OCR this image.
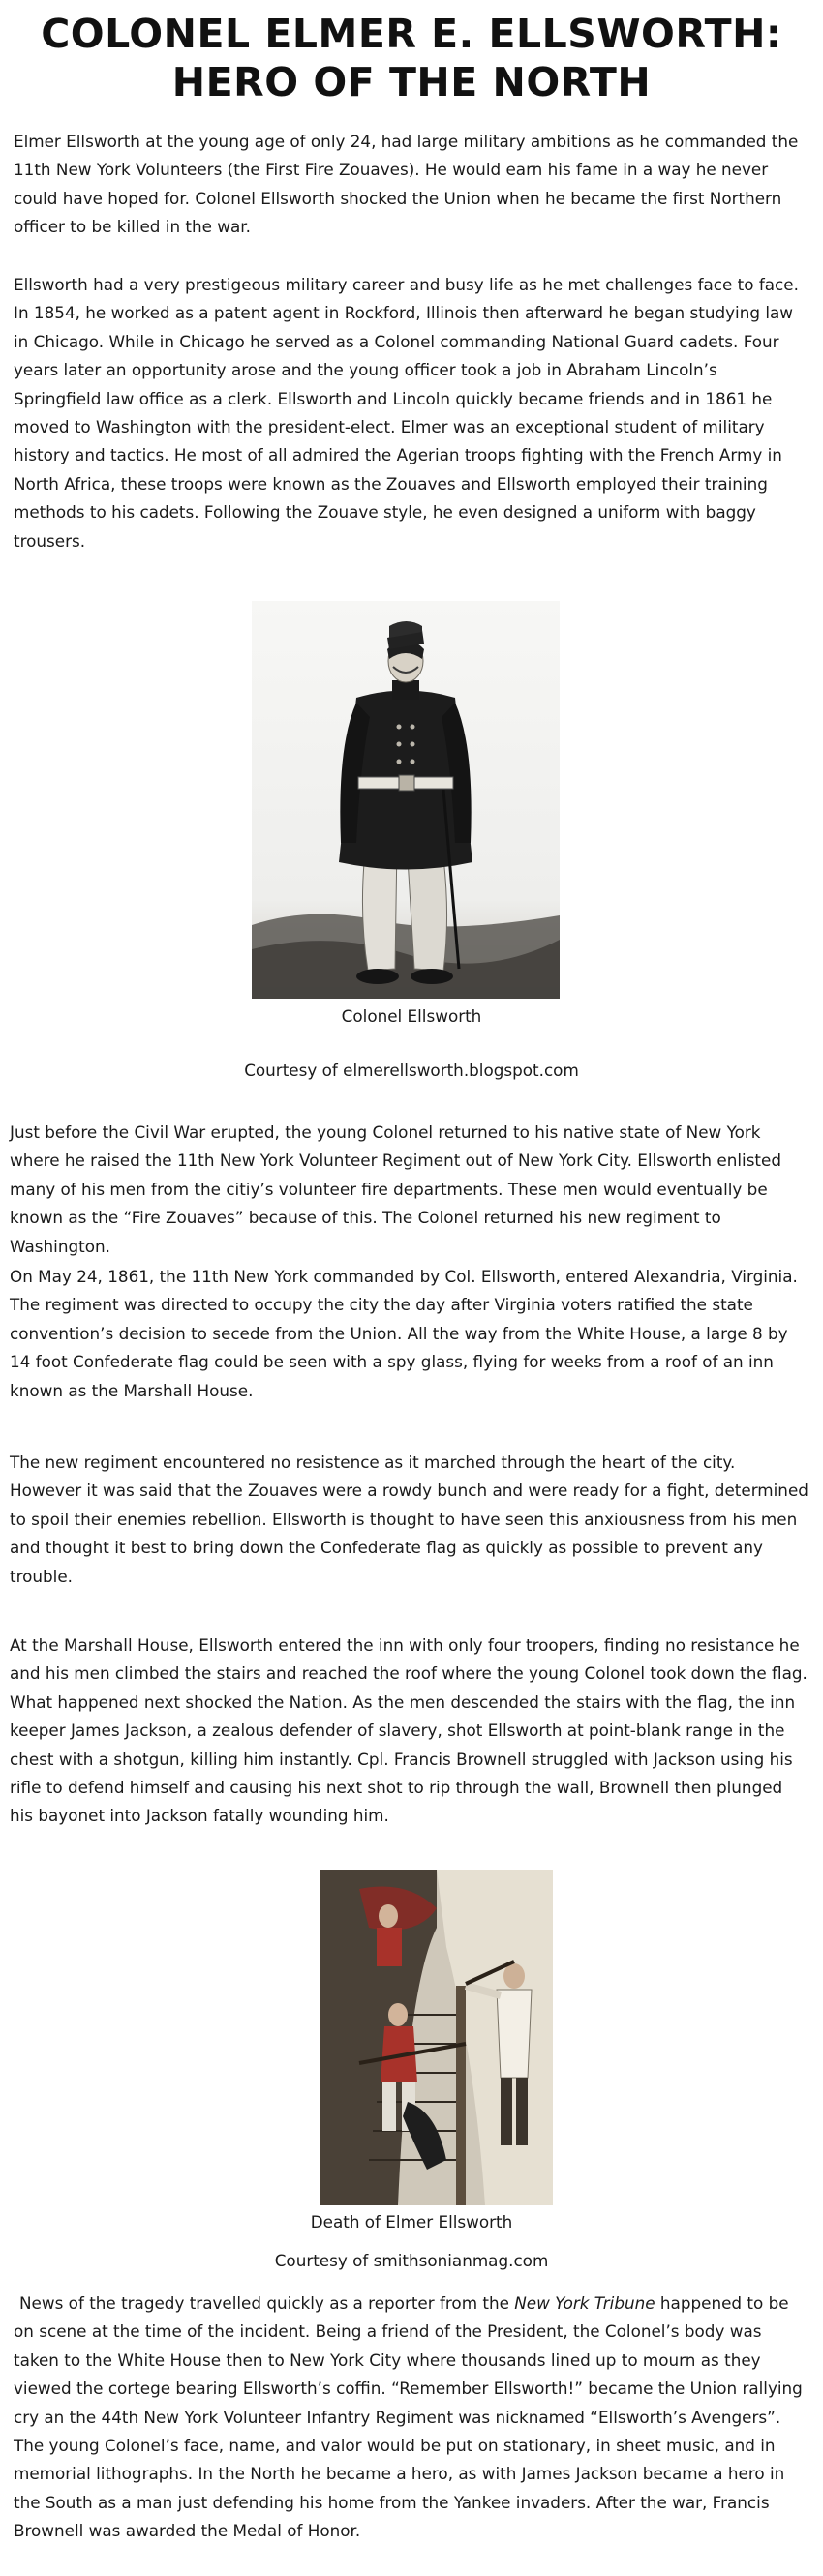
COLONEL ELMER E. ELLSWORTH:
HERO OF THE NORTH

Elmer Ellsworth at the young age of only 24, had large military ambitions as he commanded the 11th New York Volunteers (the First Fire Zouaves). He would earn his fame in a way he never could have hoped for. Colonel Ellsworth shocked the Union when he became the first Northern officer to be killed in the war.

Ellsworth had a very prestigeous military career and busy life as he met challenges face to face. In 1854, he worked as a patent agent in Rockford, Illinois then afterward he began studying law in Chicago. While in Chicago he served as a Colonel commanding National Guard cadets. Four years later an opportunity arose and the young officer took a job in Abraham Lincoln’s Springfield law office as a clerk. Ellsworth and Lincoln quickly became friends and in 1861 he moved to Washington with the president-elect. Elmer was an exceptional student of military history and tactics. He most of all admired the Agerian troops fighting with the French Army in North Africa, these troops were known as the Zouaves and Ellsworth employed their training methods to his cadets. Following the Zouave style, he even designed a uniform with baggy trousers.

Colonel Ellsworth

Courtesy of elmerellsworth.blogspot.com

Just before the Civil War erupted, the young Colonel returned to his native state of New York where he raised the 11th New York Volunteer Regiment out of New York City. Ellsworth enlisted many of his men from the citiy’s volunteer fire departments. These men would eventually be known as the “Fire Zouaves” because of this. The Colonel returned his new regiment to Washington.

On May 24, 1861, the 11th New York commanded by Col. Ellsworth, entered Alexandria, Virginia. The regiment was directed to occupy the city the day after Virginia voters ratified the state convention’s decision to secede from the Union. All the way from the White House, a large 8 by 14 foot Confederate flag could be seen with a spy glass, flying for weeks from a roof of an inn known as the Marshall House.

The new regiment encountered no resistence as it marched through the heart of the city. However it was said that the Zouaves were a rowdy bunch and were ready for a fight, determined to spoil their enemies rebellion. Ellsworth is thought to have seen this anxiousness from his men and thought it best to bring down the Confederate flag as quickly as possible to prevent any trouble.

At the Marshall House, Ellsworth entered the inn with only four troopers, finding no resistance he and his men climbed the stairs and reached the roof where the young Colonel took down the flag. What happened next shocked the Nation. As the men descended the stairs with the flag, the inn keeper James Jackson, a zealous defender of slavery, shot Ellsworth at point-blank range in the chest with a shotgun, killing him instantly. Cpl. Francis Brownell struggled with Jackson using his rifle to defend himself and causing his next shot to rip through the wall, Brownell then plunged his bayonet into Jackson fatally wounding him.

Death of Elmer Ellsworth

Courtesy of smithsonianmag.com

News of the tragedy travelled quickly as a reporter from the New York Tribune happened to be on scene at the time of the incident. Being a friend of the President, the Colonel’s body was taken to the White House then to New York City where thousands lined up to mourn as they viewed the cortege bearing Ellsworth’s coffin. “Remember Ellsworth!” became the Union rallying cry an the 44th New York Volunteer Infantry Regiment was nicknamed “Ellsworth’s Avengers”. The young Colonel’s face, name, and valor would be put on stationary, in sheet music, and in memorial lithographs. In the North he became a hero, as with James Jackson became a hero in the South as a man just defending his home from the Yankee invaders. After the war, Francis Brownell was awarded the Medal of Honor.
